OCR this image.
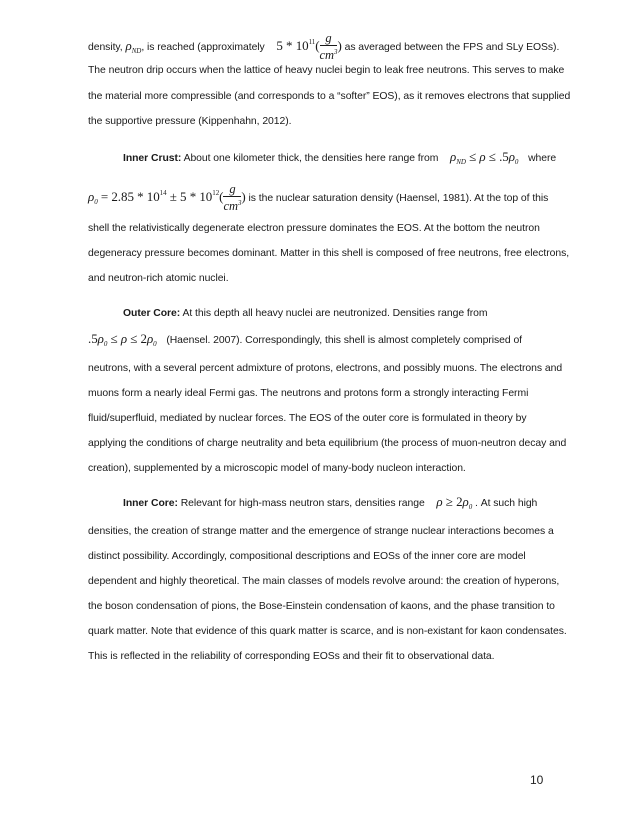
density, $\rho_{ND}$, is reached (approximately $5 * 10^{11}( \frac{g}{cm^3}$ ) as averaged between the FPS and SLy EOSs).
The neutron drip occurs when the lattice of heavy nuclei begin to leak free neutrons. This serves to make
the material more compressible (and corresponds to a “softer” EOS), as it removes electrons that supplied
the supportive pressure (Kippenhahn, 2012).
Inner Crust: About one kilometer thick, the densities here range from $\rho_{ND} \le \rho \le .5\rho_0$ where
$\rho_0 = 2.85 * 10^{14} \pm 5 * 10^{12}( \frac{g}{cm^3}$ ) is the nuclear saturation density (Haensel, 1981). At the top of this
shell the relativistically degenerate electron pressure dominates the EOS. At the bottom the neutron
degeneracy pressure becomes dominant. Matter in this shell is composed of free neutrons, free electrons,
and neutron-rich atomic nuclei.
Outer Core: At this depth all heavy nuclei are neutronized. Densities range from
$.5\rho_0 \le \rho \le 2\rho_0$ (Haensel. 2007). Correspondingly, this shell is almost completely comprised of
neutrons, with a several percent admixture of protons, electrons, and possibly muons. The electrons and
muons form a nearly ideal Fermi gas. The neutrons and protons form a strongly interacting Fermi
fluid/superfluid, mediated by nuclear forces. The EOS of the outer core is formulated in theory by
applying the conditions of charge neutrality and beta equilibrium (the process of muon-neutron decay and
creation), supplemented by a microscopic model of many-body nucleon interaction.
Inner Core: Relevant for high-mass neutron stars, densities range $\rho \ge 2\rho_0$ . At such high
densities, the creation of strange matter and the emergence of strange nuclear interactions becomes a
distinct possibility. Accordingly, compositional descriptions and EOSs of the inner core are model
dependent and highly theoretical. The main classes of models revolve around: the creation of hyperons,
the boson condensation of pions, the Bose-Einstein condensation of kaons, and the phase transition to
quark matter. Note that evidence of this quark matter is scarce, and is non-existant for kaon condensates.
This is reflected in the reliability of corresponding EOSs and their fit to observational data.
10
